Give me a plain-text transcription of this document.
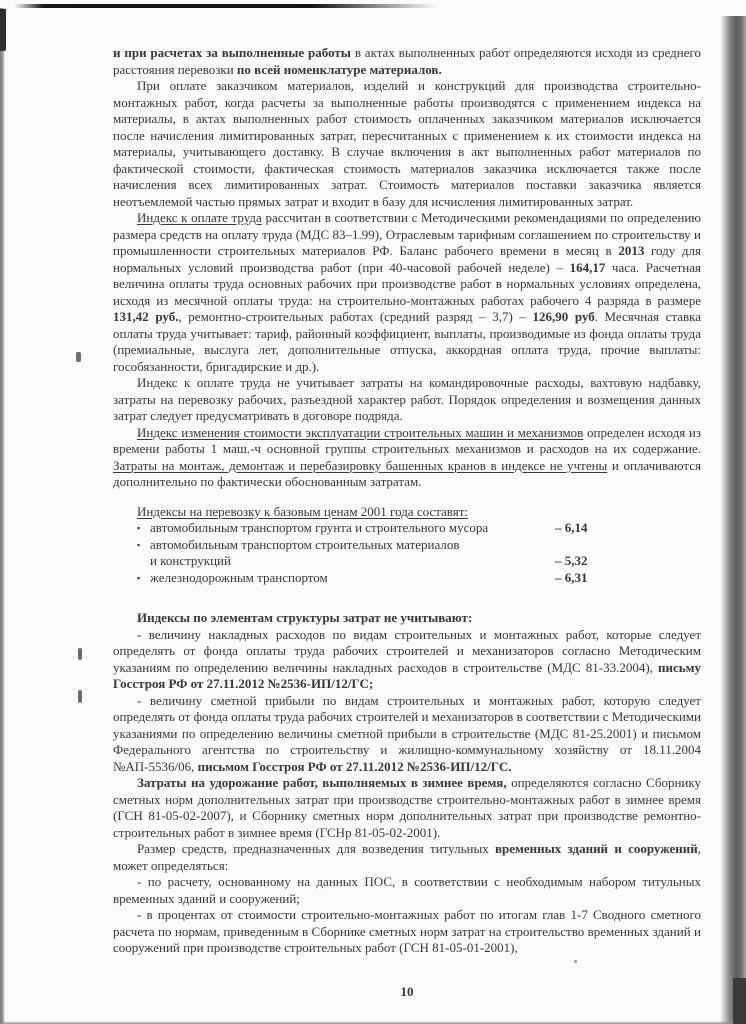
и при расчетах за выполненные работы в актах выполненных работ определяются исходя из среднего расстояния перевозки по всей номенклатуре материалов.

При оплате заказчиком материалов, изделий и конструкций для производства строительно-монтажных работ, когда расчеты за выполненные работы производятся с применением индекса на материалы, в актах выполненных работ стоимость оплаченных заказчиком материалов исключается после начисления лимитированных затрат, пересчитанных с применением к их стоимости индекса на материалы, учитывающего доставку. В случае включения в акт выполненных работ материалов по фактической стоимости, фактическая стоимость материалов заказчика исключается также после начисления всех лимитированных затрат. Стоимость материалов поставки заказчика является неотъемлемой частью прямых затрат и входит в базу для исчисления лимитированных затрат.

Индекс к оплате труда рассчитан в соответствии с Методическими рекомендациями по определению размера средств на оплату труда (МДС 83–1.99), Отраслевым тарифным соглашением по строительству и промышленности строительных материалов РФ. Баланс рабочего времени в месяц в 2013 году для нормальных условий производства работ (при 40-часовой рабочей неделе) – 164,17 часа. Расчетная величина оплаты труда основных рабочих при производстве работ в нормальных условиях определена, исходя из месячной оплаты труда: на строительно-монтажных работах рабочего 4 разряда в размере 131,42 руб., ремонтно-строительных работах (средний разряд – 3,7) – 126,90 руб. Месячная ставка оплаты труда учитывает: тариф, районный коэффициент, выплаты, производимые из фонда оплаты труда (премиальные, выслуга лет, дополнительные отпуска, аккордная оплата труда, прочие выплаты: гособязанности, бригадирские и др.).

Индекс к оплате труда не учитывает затраты на командировочные расходы, вахтовую надбавку, затраты на перевозку рабочих, разъездной характер работ. Порядок определения и возмещения данных затрат следует предусматривать в договоре подряда.

Индекс изменения стоимости эксплуатации строительных машин и механизмов определен исходя из времени работы 1 маш.-ч основной группы строительных механизмов и расходов на их содержание. Затраты на монтаж, демонтаж и перебазировку башенных кранов в индексе не учтены и оплачиваются дополнительно по фактически обоснованным затратам.

Индексы на перевозку к базовым ценам 2001 года составят:

▪ автомобильным транспортом грунта и строительного мусора	– 6,14
▪ автомобильным транспортом строительных материалов
и конструкций	– 5,32
▪ железнодорожным транспортом	– 6,31

Индексы по элементам структуры затрат не учитывают:

- величину накладных расходов по видам строительных и монтажных работ, которые следует определять от фонда оплаты труда рабочих строителей и механизаторов согласно Методическим указаниям по определению величины накладных расходов в строительстве (МДС 81-33.2004), письму Госстроя РФ от 27.11.2012 №2536-ИП/12/ГС;

- величину сметной прибыли по видам строительных и монтажных работ, которую следует определять от фонда оплаты труда рабочих строителей и механизаторов в соответствии с Методическими указаниями по определению величины сметной прибыли в строительстве (МДС 81-25.2001) и письмом Федерального агентства по строительству и жилищно-коммунальному хозяйству от 18.11.2004 №АП-5536/06, письмом Госстроя РФ от 27.11.2012 №2536-ИП/12/ГС.

Затраты на удорожание работ, выполняемых в зимнее время, определяются согласно Сборнику сметных норм дополнительных затрат при производстве строительно-монтажных работ в зимнее время (ГСН 81-05-02-2007), и Сборнику сметных норм дополнительных затрат при производстве ремонтно-строительных работ в зимнее время (ГСНр 81-05-02-2001).

Размер средств, предназначенных для возведения титульных временных зданий и сооружений, может определяться:

- по расчету, основанному на данных ПОС, в соответствии с необходимым набором титульных временных зданий и сооружений;

- в процентах от стоимости строительно-монтажных работ по итогам глав 1-7 Сводного сметного расчета по нормам, приведенным в Сборнике сметных норм затрат на строительство временных зданий и сооружений при производстве строительных работ (ГСН 81-05-01-2001),

10
